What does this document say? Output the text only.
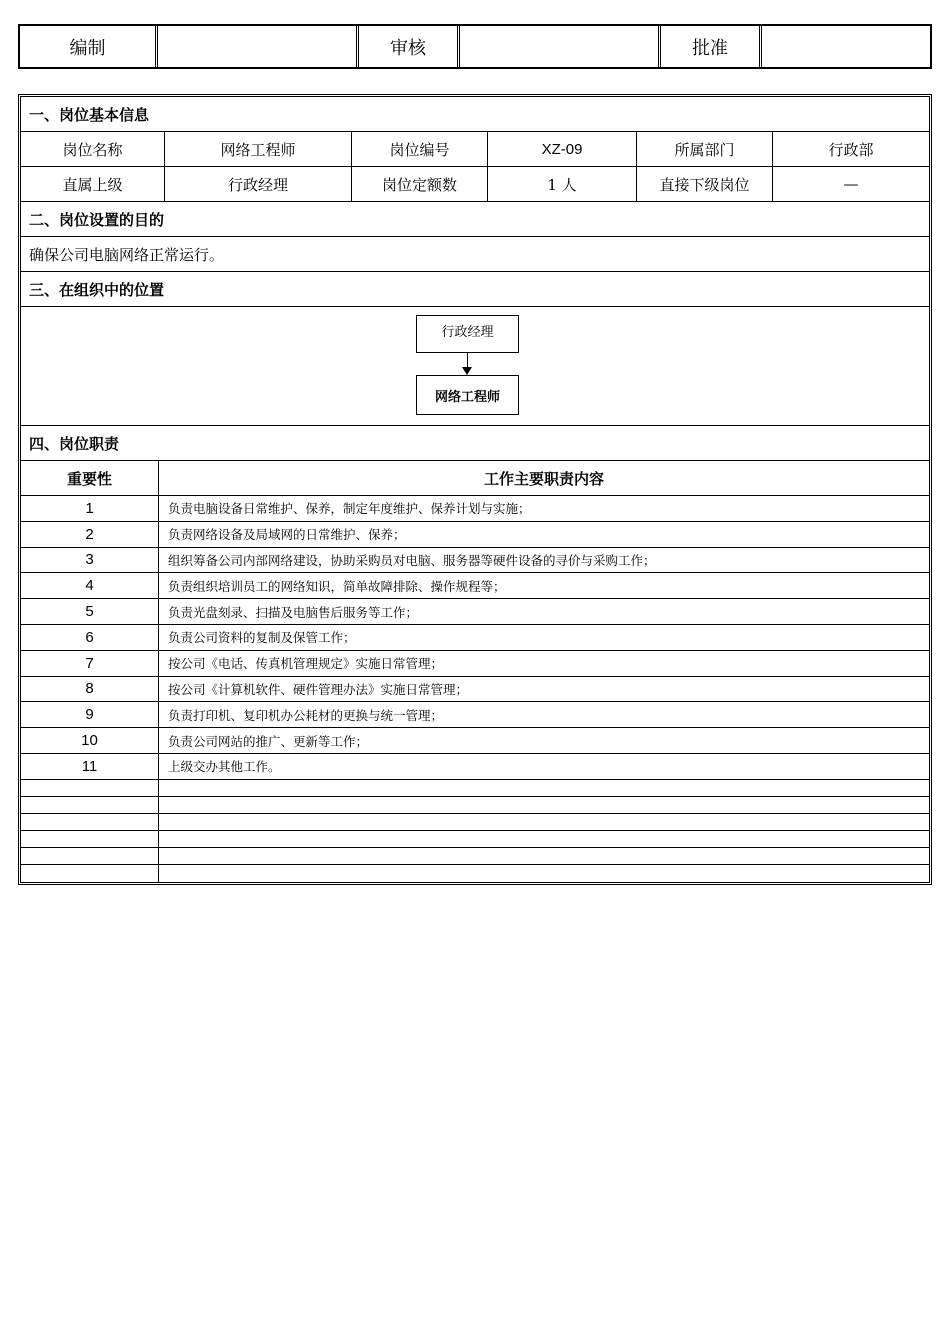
编制	审核	批准
一、岗位基本信息
岗位名称	网络工程师	岗位编号	XZ-09	所属部门	行政部
直属上级	行政经理	岗位定额数	1 人	直接下级岗位	—
二、岗位设置的目的
确保公司电脑网络正常运行。
三、在组织中的位置
行政经理
网络工程师
四、岗位职责
重要性	工作主要职责内容
1	负责电脑设备日常维护、保养，制定年度维护、保养计划与实施；
2	负责网络设备及局域网的日常维护、保养；
3	组织筹备公司内部网络建设，协助采购员对电脑、服务器等硬件设备的寻价与采购工作；
4	负责组织培训员工的网络知识，简单故障排除、操作规程等；
5	负责光盘刻录、扫描及电脑售后服务等工作；
6	负责公司资料的复制及保管工作；
7	按公司《电话、传真机管理规定》实施日常管理；
8	按公司《计算机软件、硬件管理办法》实施日常管理；
9	负责打印机、复印机办公耗材的更换与统一管理；
10	负责公司网站的推广、更新等工作；
11	上级交办其他工作。
